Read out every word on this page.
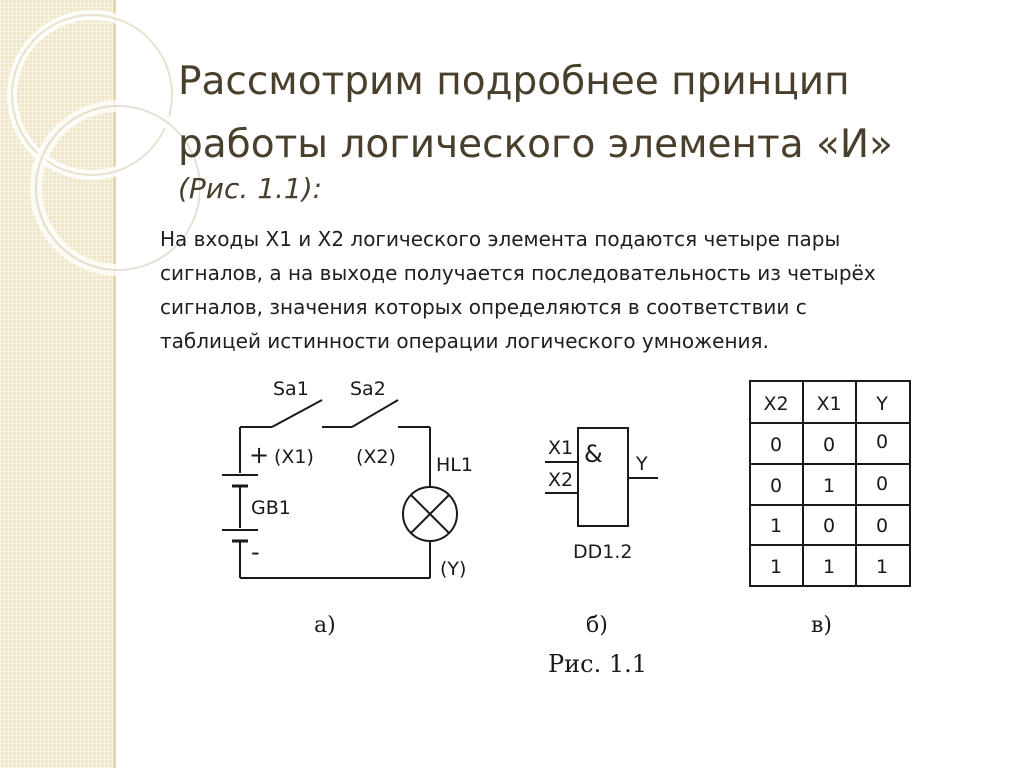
Рассмотрим подробнее принцип
работы логического элемента «И»
(Рис. 1.1):

На входы Х1 и Х2 логического элемента подаются четыре пары
сигналов, а на выходе получается последовательность из четырёх
сигналов, значения которых определяются в соответствии с
таблицей истинности операции логического умножения.

Sa1 Sa2
+ (X1) (X2) HL1
GB1
-
(Y)
а)
X1
X2
& Y
DD1.2
б)
X2 X1 Y
0 0 0
0 1 0
1 0 0
1 1 1
в)
Рис. 1.1
